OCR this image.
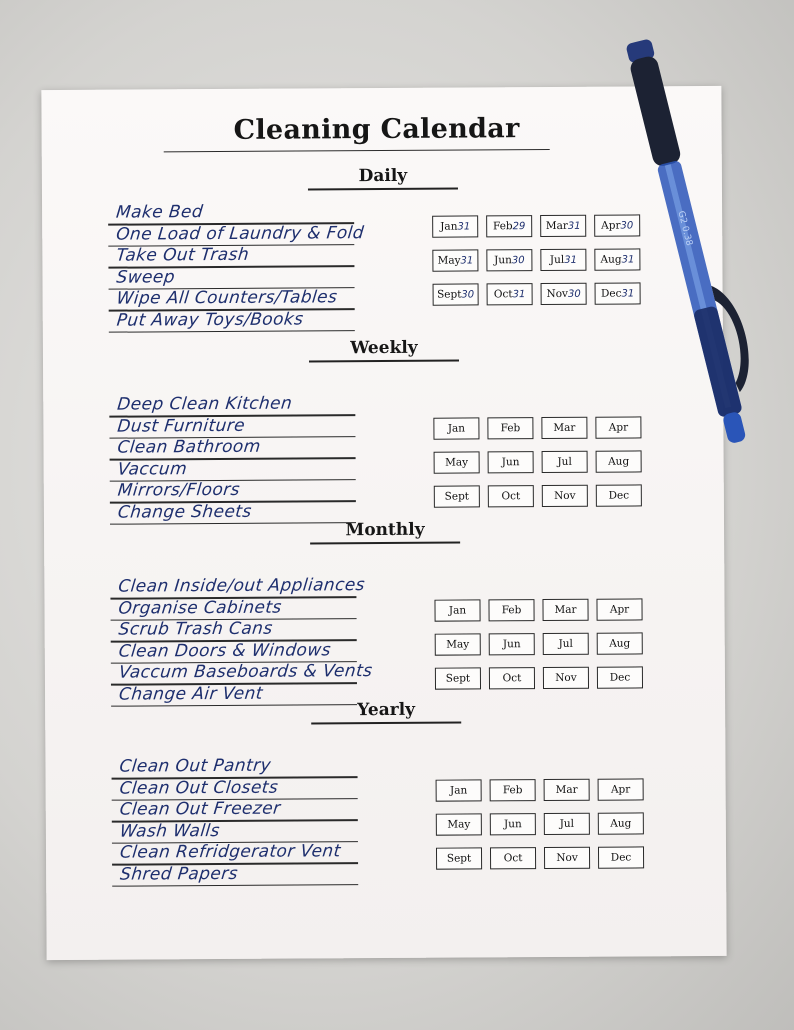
Cleaning Calendar
Daily
Make Bed
One Load of Laundry & Fold
Take Out Trash
Sweep
Wipe All Counters/Tables
Put Away Toys/Books
Jan 31 Feb 29 Mar 31 Apr 30
May 31 Jun 30 Jul 31 Aug 31
Sept 30 Oct 31 Nov 30 Dec 31
Weekly
Deep Clean Kitchen
Dust Furniture
Clean Bathroom
Vaccum
Mirrors/Floors
Change Sheets
Jan	Feb	Mar	Apr
May	Jun	Jul	Aug
Sept	Oct	Nov	Dec
Monthly
Clean Inside/out Appliances
Organise Cabinets
Scrub Trash Cans
Clean Doors & Windows
Vaccum Baseboards & Vents
Change Air Vent
Jan	Feb	Mar	Apr
May	Jun	Jul	Aug
Sept	Oct	Nov	Dec
Yearly
Clean Out Pantry
Clean Out Closets
Clean Out Freezer
Wash Walls
Clean Refridgerator Vent
Shred Papers
Jan	Feb	Mar	Apr
May	Jun	Jul	Aug
Sept	Oct	Nov	Dec
G2 0.38
